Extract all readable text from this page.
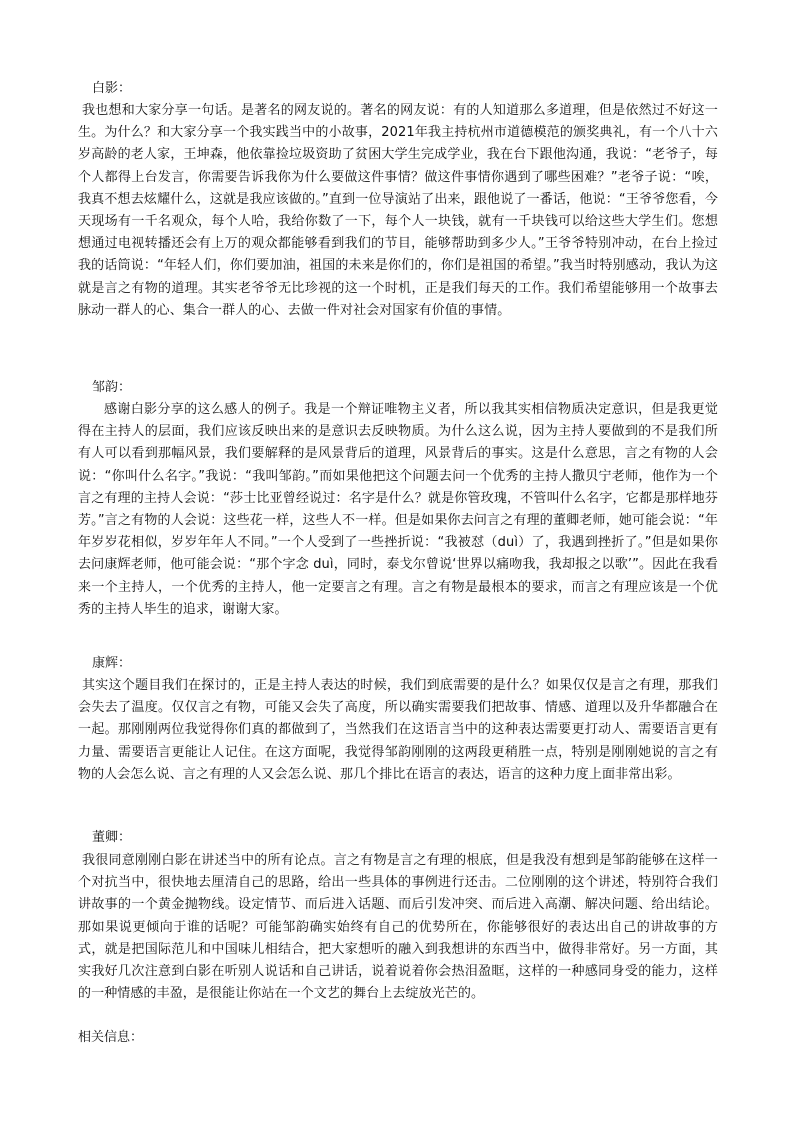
白影：
我也想和大家分享一句话。是著名的网友说的。著名的网友说：有的人知道那么多道理，但是依然过不好这一生。为什么？和大家分享一个我实践当中的小故事，2021年我主持杭州市道德模范的颁奖典礼，有一个八十六岁高龄的老人家，王坤森，他依靠捡垃圾资助了贫困大学生完成学业，我在台下跟他沟通，我说：“老爷子，每个人都得上台发言，你需要告诉我你为什么要做这件事情？做这件事情你遇到了哪些困难？”老爷子说：“唉，我真不想去炫耀什么，这就是我应该做的。”直到一位导演站了出来，跟他说了一番话，他说：“王爷爷您看，今天现场有一千名观众，每个人哈，我给你数了一下，每个人一块钱，就有一千块钱可以给这些大学生们。您想想通过电视转播还会有上万的观众都能够看到我们的节目，能够帮助到多少人。”王爷爷特别冲动，在台上捡过我的话筒说：“年轻人们，你们要加油，祖国的未来是你们的，你们是祖国的希望。”我当时特别感动，我认为这就是言之有物的道理。其实老爷爷无比珍视的这一个时机，正是我们每天的工作。我们希望能够用一个故事去脉动一群人的心、集合一群人的心、去做一件对社会对国家有价值的事情。
邹韵：
感谢白影分享的这么感人的例子。我是一个辩证唯物主义者，所以我其实相信物质决定意识，但是我更觉得在主持人的层面，我们应该反映出来的是意识去反映物质。为什么这么说，因为主持人要做到的不是我们所有人可以看到那幅风景，我们要解释的是风景背后的道理，风景背后的事实。这是什么意思，言之有物的人会说：“你叫什么名字。”我说：“我叫邹韵。”而如果他把这个问题去问一个优秀的主持人撒贝宁老师，他作为一个言之有理的主持人会说：“莎士比亚曾经说过：名字是什么？就是你管玫瑰，不管叫什么名字，它都是那样地芬芳。”言之有物的人会说：这些花一样，这些人不一样。但是如果你去问言之有理的董卿老师，她可能会说：“年年岁岁花相似，岁岁年年人不同。”一个人受到了一些挫折说：“我被怼（duì）了，我遇到挫折了。”但是如果你去问康辉老师，他可能会说：“那个字念 duì，同时，泰戈尔曾说‘世界以痛吻我，我却报之以歌’”。因此在我看来一个主持人，一个优秀的主持人，他一定要言之有理。言之有物是最根本的要求，而言之有理应该是一个优秀的主持人毕生的追求，谢谢大家。
康辉：
其实这个题目我们在探讨的，正是主持人表达的时候，我们到底需要的是什么？如果仅仅是言之有理，那我们会失去了温度。仅仅言之有物，可能又会失了高度，所以确实需要我们把故事、情感、道理以及升华都融合在一起。那刚刚两位我觉得你们真的都做到了，当然我们在这语言当中的这种表达需要更打动人、需要语言更有力量、需要语言更能让人记住。在这方面呢，我觉得邹韵刚刚的这两段更稍胜一点，特别是刚刚她说的言之有物的人会怎么说、言之有理的人又会怎么说、那几个排比在语言的表达，语言的这种力度上面非常出彩。
董卿：
我很同意刚刚白影在讲述当中的所有论点。言之有物是言之有理的根底，但是我没有想到是邹韵能够在这样一个对抗当中，很快地去厘清自己的思路，给出一些具体的事例进行还击。二位刚刚的这个讲述，特别符合我们讲故事的一个黄金抛物线。设定情节、而后进入话题、而后引发冲突、而后进入高潮、解决问题、给出结论。那如果说更倾向于谁的话呢？可能邹韵确实始终有自己的优势所在，你能够很好的表达出自己的讲故事的方式，就是把国际范儿和中国味儿相结合，把大家想听的融入到我想讲的东西当中，做得非常好。另一方面，其实我好几次注意到白影在听别人说话和自己讲话，说着说着你会热泪盈眶，这样的一种感同身受的能力，这样的一种情感的丰盈，是很能让你站在一个文艺的舞台上去绽放光芒的。
相关信息：
